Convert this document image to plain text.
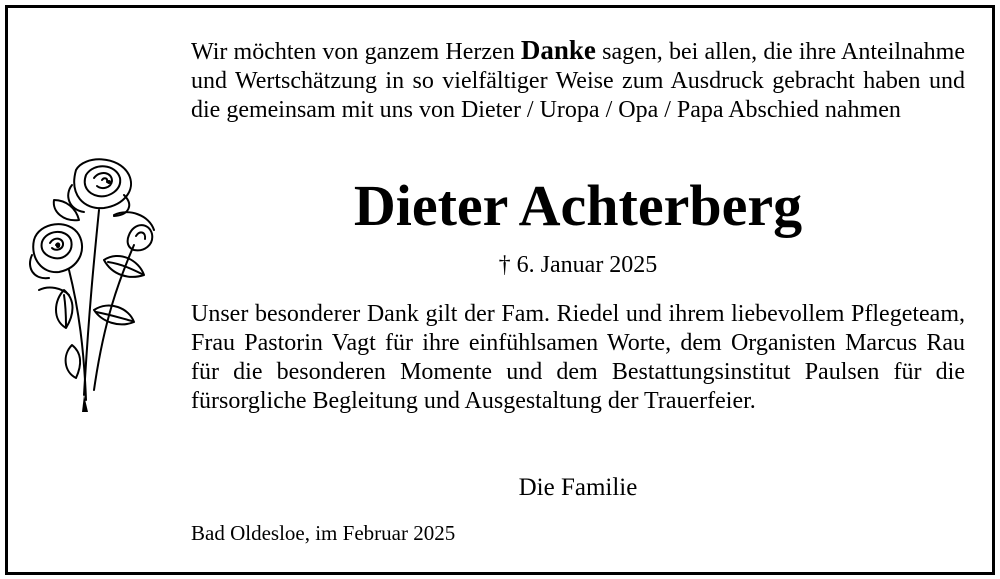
Wir möchten von ganzem Herzen Danke sagen, bei allen, die ihre Anteilnahme und Wertschätzung in so vielfältiger Weise zum Ausdruck gebracht haben und die gemeinsam mit uns von Dieter / Uropa / Opa / Papa Abschied nahmen
Dieter Achterberg
† 6. Januar 2025
Unser besonderer Dank gilt der Fam. Riedel und ihrem liebevollem Pflegeteam, Frau Pastorin Vagt für ihre einfühlsamen Worte, dem Organisten Marcus Rau für die besonderen Momente und dem Bestattungsinstitut Paulsen für die fürsorgliche Begleitung und Ausgestaltung der Trauerfeier.
Die Familie
Bad Oldesloe, im Februar 2025
